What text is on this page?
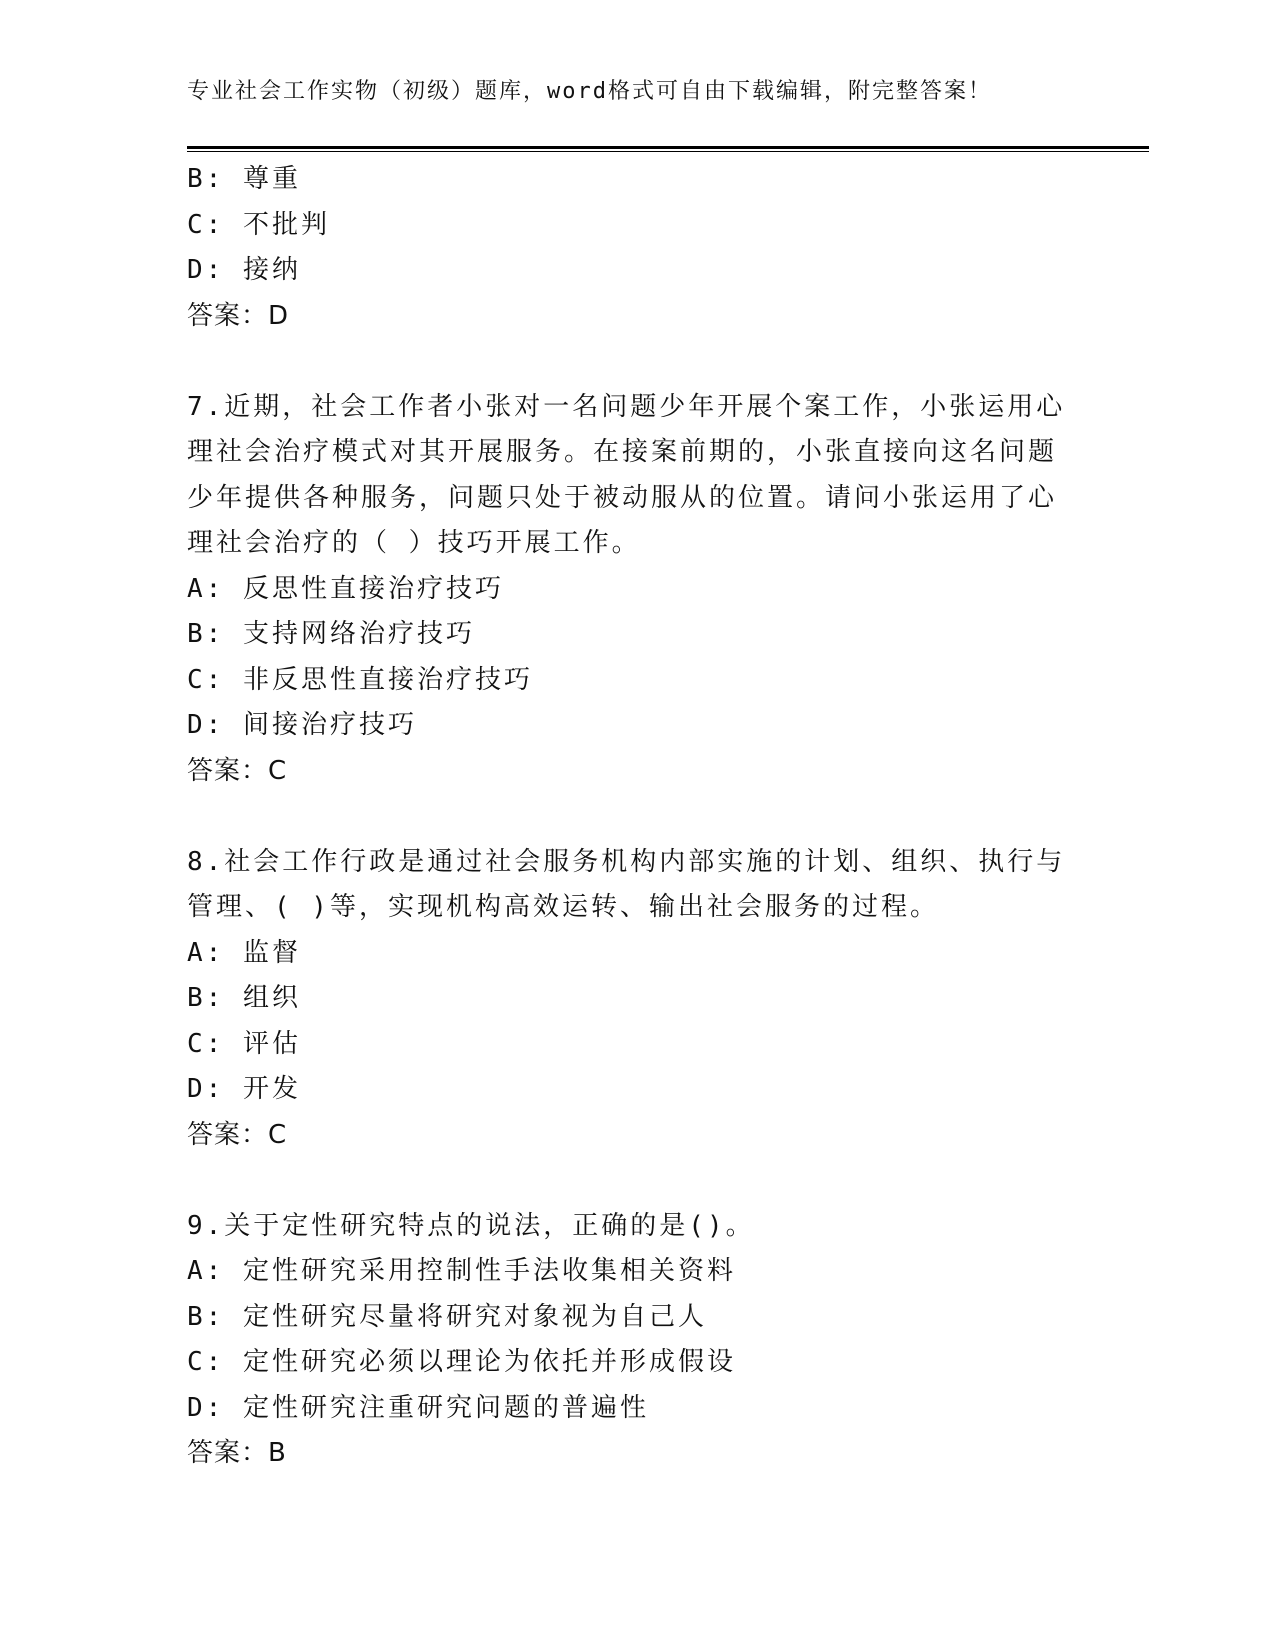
专业社会工作实物（初级）题库，word格式可自由下载编辑，附完整答案！
B: 尊重
C: 不批判
D: 接纳
答案：D
7.近期，社会工作者小张对一名问题少年开展个案工作，小张运用心
理社会治疗模式对其开展服务。在接案前期的，小张直接向这名问题
少年提供各种服务，问题只处于被动服从的位置。请问小张运用了心
理社会治疗的（ ）技巧开展工作。
A: 反思性直接治疗技巧
B: 支持网络治疗技巧
C: 非反思性直接治疗技巧
D: 间接治疗技巧
答案：C
8.社会工作行政是通过社会服务机构内部实施的计划、组织、执行与
管理、( )等，实现机构高效运转、输出社会服务的过程。
A: 监督
B: 组织
C: 评估
D: 开发
答案：C
9.关于定性研究特点的说法，正确的是()。
A: 定性研究采用控制性手法收集相关资料
B: 定性研究尽量将研究对象视为自己人
C: 定性研究必须以理论为依托并形成假设
D: 定性研究注重研究问题的普遍性
答案：B
